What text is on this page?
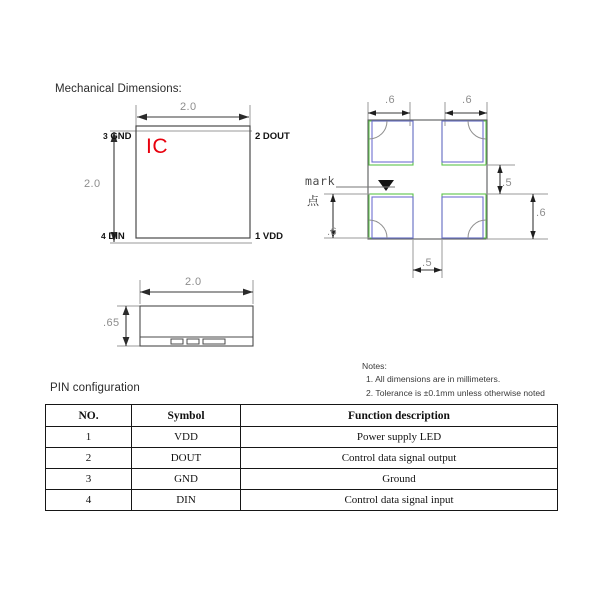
Mechanical Dimensions:
2.0
2.0
3 GND	2 DOUT
4 DIN	1 VDD
IC
.6	.6
.5
.6
.5
.6
mark
点
2.0
.65
Notes:
1. All dimensions are in millimeters.
2. Tolerance is ±0.1mm unless otherwise noted
PIN configuration
NO.	Symbol	Function description
1	VDD	Power supply LED
2	DOUT	Control data signal output
3	GND	Ground
4	DIN	Control data signal input
